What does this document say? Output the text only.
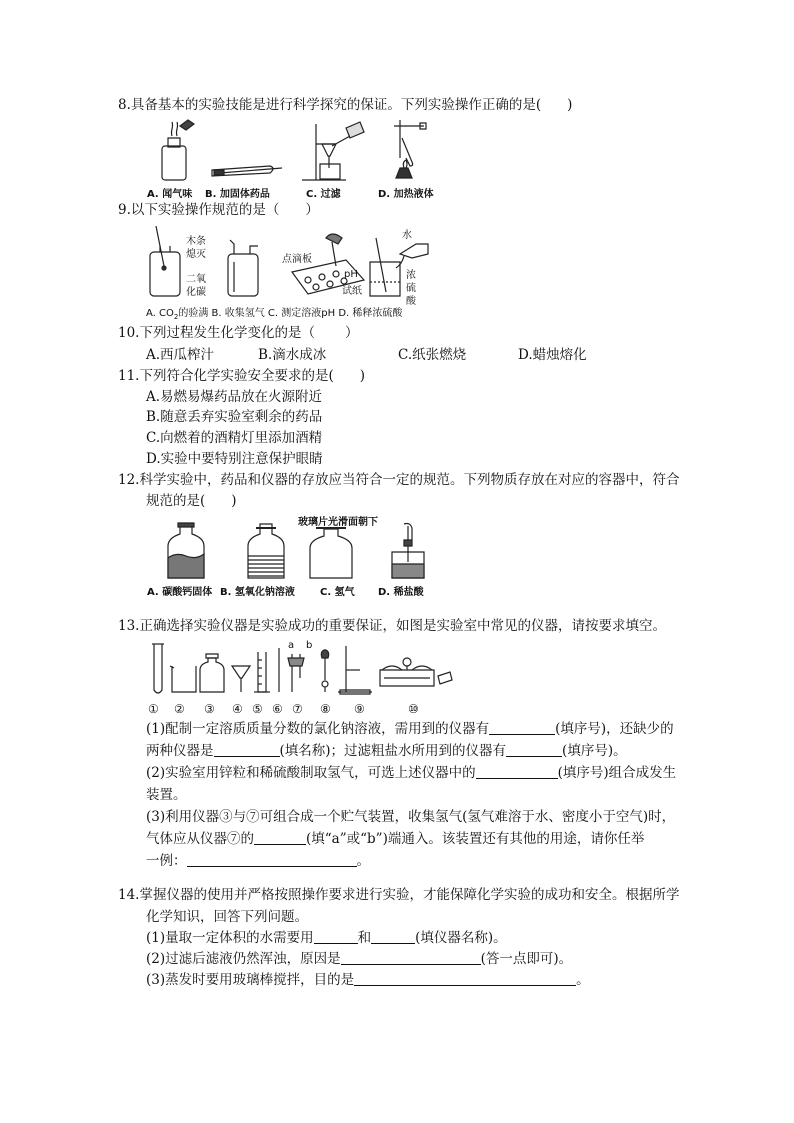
8.具备基本的实验技能是进行科学探究的保证。下列实验操作正确的是( )
A. 闻气味 B. 加固体药品	C. 过滤	D. 加热液体
9.以下实验操作规范的是（ ）
木条
熄灭
二氧
化碳
点滴板
pH
试纸
水
浓
硫
酸
A. $CO_2$的验满 B. 收集氢气 C. 测定溶液pH D. 稀释浓硫酸
10.下列过程发生化学变化的是（ ）
A.西瓜榨汁	B.滴水成冰	C.纸张燃烧	D.蜡烛熔化
11.下列符合化学实验安全要求的是( )
A.易燃易爆药品放在火源附近
B.随意丢弃实验室剩余的药品
C.向燃着的酒精灯里添加酒精
D.实验中要特别注意保护眼睛
12.科学实验中，药品和仪器的存放应当符合一定的规范。下列物质存放在对应的容器中，符合
规范的是( )
玻璃片光滑面朝下
A. 碳酸钙固体 B. 氢氧化钠溶液	C. 氢气 D. 稀盐酸
13.正确选择实验仪器是实验成功的重要保证，如图是实验室中常见的仪器，请按要求填空。
a b
① ② ③ ④ ⑤ ⑥ ⑦ ⑧ ⑨	⑩
(1)配制一定溶质质量分数的氯化钠溶液，需用到的仪器有	(填序号)，还缺少的
两种仪器是	(填名称)；过滤粗盐水所用到的仪器有	(填序号)。
(2)实验室用锌粒和稀硫酸制取氢气，可选上述仪器中的	(填序号)组合成发生
装置。
(3)利用仪器③与⑦可组合成一个贮气装置，收集氢气(氢气难溶于水、密度小于空气)时，
气体应从仪器⑦的	(填“a”或“b”)端通入。该装置还有其他的用途，请你任举
一例：	。
14.掌握仪器的使用并严格按照操作要求进行实验，才能保障化学实验的成功和安全。根据所学
化学知识，回答下列问题。
(1)量取一定体积的水需要用	和	(填仪器名称)。
(2)过滤后滤液仍然浑浊，原因是	(答一点即可)。
(3)蒸发时要用玻璃棒搅拌，目的是	。
